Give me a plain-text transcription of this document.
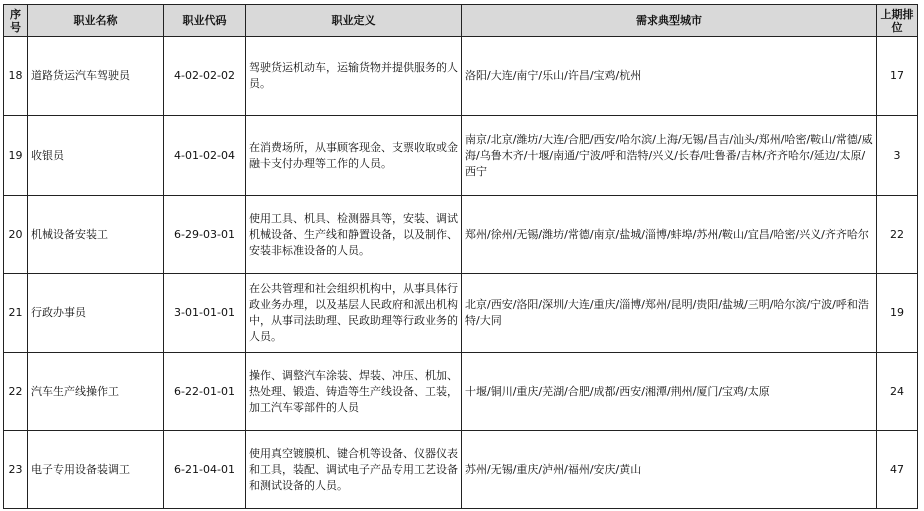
序号	职业名称	职业代码	职业定义	需求典型城市	上期排位
18	道路货运汽车驾驶员	4-02-02-02	驾驶货运机动车，运输货物并提供服务的人员。	洛阳/大连/南宁/乐山/许昌/宝鸡/杭州	17
19	收银员	4-01-02-04	在消费场所，从事顾客现金、支票收取或金融卡支付办理等工作的人员。	南京/北京/潍坊/大连/合肥/西安/哈尔滨/上海/无锡/昌吉/汕头/郑州/哈密/鞍山/常德/威海/乌鲁木齐/十堰/南通/宁波/呼和浩特/兴义/长春/吐鲁番/吉林/齐齐哈尔/延边/太原/西宁	3
20	机械设备安装工	6-29-03-01	使用工具、机具、检测器具等，安装、调试机械设备、生产线和静置设备，以及制作、安装非标准设备的人员。	郑州/徐州/无锡/潍坊/常德/南京/盐城/淄博/蚌埠/苏州/鞍山/宜昌/哈密/兴义/齐齐哈尔	22
21	行政办事员	3-01-01-01	在公共管理和社会组织机构中，从事具体行政业务办理，以及基层人民政府和派出机构中，从事司法助理、民政助理等行政业务的人员。	北京/西安/洛阳/深圳/大连/重庆/淄博/郑州/昆明/贵阳/盐城/三明/哈尔滨/宁波/呼和浩特/大同	19
22	汽车生产线操作工	6-22-01-01	操作、调整汽车涂装、焊装、冲压、机加、热处理、锻造、铸造等生产线设备、工装，加工汽车零部件的人员	十堰/铜川/重庆/芜湖/合肥/成都/西安/湘潭/荆州/厦门/宝鸡/太原	24
23	电子专用设备装调工	6-21-04-01	使用真空镀膜机、键合机等设备、仪器仪表和工具，装配、调试电子产品专用工艺设备和测试设备的人员。	苏州/无锡/重庆/泸州/福州/安庆/黄山	47
